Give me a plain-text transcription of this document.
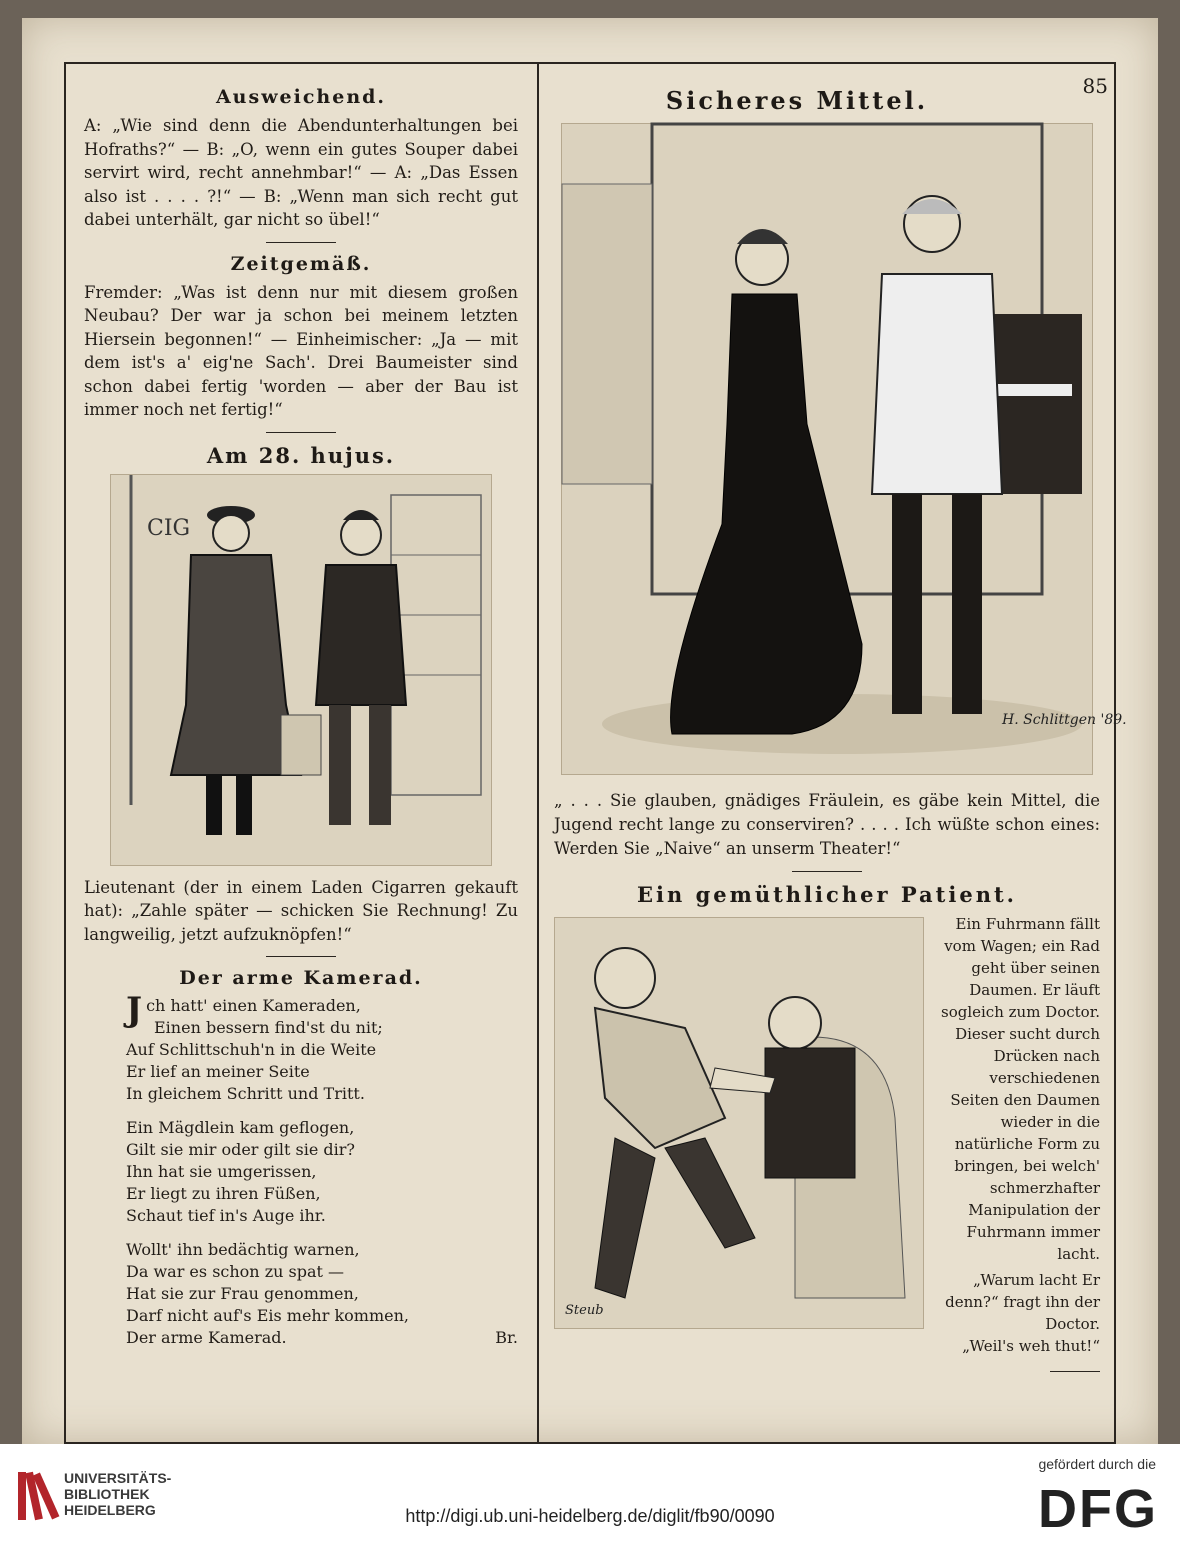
85
Ausweichend.

A: „Wie sind denn die Abendunterhaltungen bei Hofraths?“ — B: „O, wenn ein gutes Souper dabei servirt wird, recht annehmbar!“ — A: „Das Essen also ist . . . . ?!“ — B: „Wenn man sich recht gut dabei unterhält, gar nicht so übel!“

Zeitgemäß.

Fremder: „Was ist denn nur mit diesem großen Neubau? Der war ja schon bei meinem letzten Hiersein begonnen!“ — Einheimischer: „Ja — mit dem ist's a' eig'ne Sach'. Drei Baumeister sind schon dabei fertig 'worden — aber der Bau ist immer noch net fertig!“

Am 28. hujus.
CIG

Lieutenant (der in einem Laden Cigarren gekauft hat): „Zahle später — schicken Sie Rechnung! Zu langweilig, jetzt aufzuknöpfen!“

Der arme Kamerad.

Jch hatt' einen Kameraden,

Einen bessern find'st du nit;

Auf Schlittschuh'n in die Weite

Er lief an meiner Seite

In gleichem Schritt und Tritt.

Ein Mägdlein kam geflogen,

Gilt sie mir oder gilt sie dir?

Ihn hat sie umgerissen,

Er liegt zu ihren Füßen,

Schaut tief in's Auge ihr.

Wollt' ihn bedächtig warnen,

Da war es schon zu spat —

Hat sie zur Frau genommen,

Darf nicht auf's Eis mehr kommen,

Der arme Kamerad.	Br.

Sicheres Mittel.
H. Schlittgen '89.

„ . . . Sie glauben, gnädiges Fräulein, es gäbe kein Mittel, die Jugend recht lange zu conserviren? . . . . Ich wüßte schon eines: Werden Sie „Naive“ an unserm Theater!“

Ein gemüthlicher Patient.
Steub

Ein Fuhrmann fällt vom Wagen; ein Rad geht über seinen Daumen. Er läuft sogleich zum Doctor. Dieser sucht durch Drücken nach verschiedenen Seiten den Daumen wieder in die natürliche Form zu bringen, bei welch' schmerzhafter Manipulation der Fuhrmann immer lacht.

„Warum lacht Er denn?“ fragt ihn der Doctor.

„Weil's weh thut!“

UNIVERSITÄTS-
BIBLIOTHEK
HEIDELBERG	http://digi.ub.uni-heidelberg.de/diglit/fb90/0090
gefördert durch die
DFG
